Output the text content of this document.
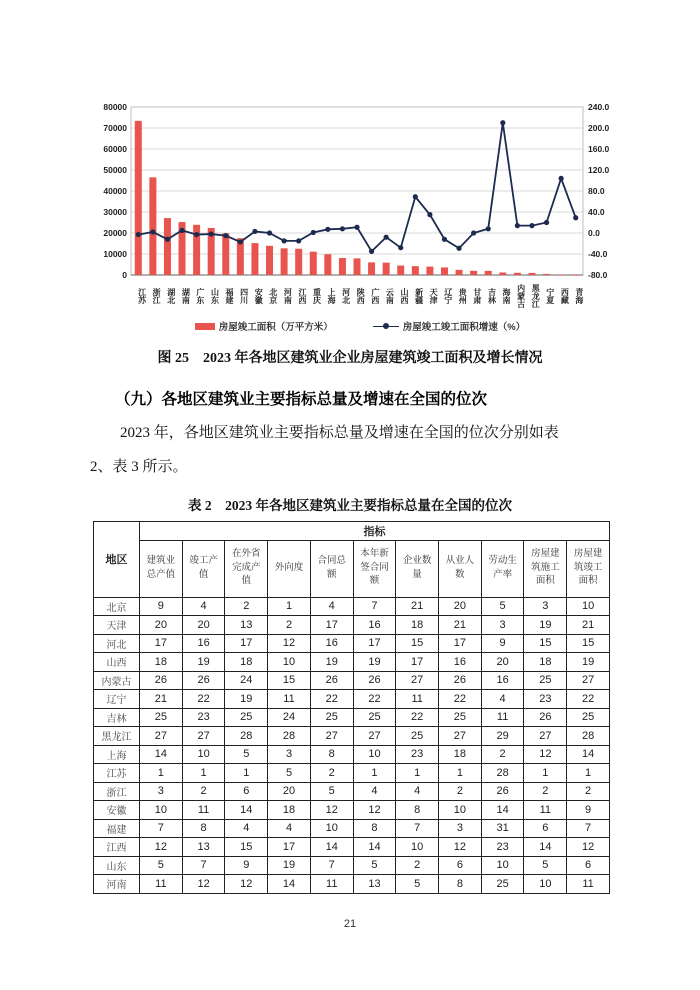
0
10000
20000
30000
40000
50000
60000
70000
80000
-80.0
-40.0
0.0
40.0
80.0
120.0
160.0
200.0
240.0
江苏 浙江 湖北 湖南 广东 山东 福建 四川 安徽 北京 河南 江西 重庆 上海 河北 陕西 广西 云南 山西 新疆 天津 辽宁 贵州 甘肃 吉林 海南 内蒙古 黑龙江 宁夏 西藏 青海
房屋竣工面积（万平方米）	房屋竣工竣工面积增速（%）
图 25　2023 年各地区建筑业企业房屋建筑竣工面积及增长情况
（九）各地区建筑业主要指标总量及增速在全国的位次

2023 年，各地区建筑业主要指标总量及增速在全国的位次分别如表

2、表 3 所示。

表 2　2023 年各地区建筑业主要指标总量在全国的位次
地区	指标										
	建筑业总产值	竣工产值	在外省完成产值	外向度	合同总额	本年新签合同额	企业数量	从业人数	劳动生产率	房屋建筑施工面积	房屋建筑竣工面积
北京	9	4	2	1	4	7	21	20	5	3	10
天津	20	20	13	2	17	16	18	21	3	19	21
河北	17	16	17	12	16	17	15	17	9	15	15
山西	18	19	18	10	19	19	17	16	20	18	19
内蒙古	26	26	24	15	26	26	27	26	16	25	27
辽宁	21	22	19	11	22	22	11	22	4	23	22
吉林	25	23	25	24	25	25	22	25	11	26	25
黑龙江	27	27	28	28	27	27	25	27	29	27	28
上海	14	10	5	3	8	10	23	18	2	12	14
江苏	1	1	1	5	2	1	1	1	28	1	1
浙江	3	2	6	20	5	4	4	2	26	2	2
安徽	10	11	14	18	12	12	8	10	14	11	9
福建	7	8	4	4	10	8	7	3	31	6	7
江西	12	13	15	17	14	14	10	12	23	14	12
山东	5	7	9	19	7	5	2	6	10	5	6
河南	11	12	12	14	11	13	5	8	25	10	11
21
